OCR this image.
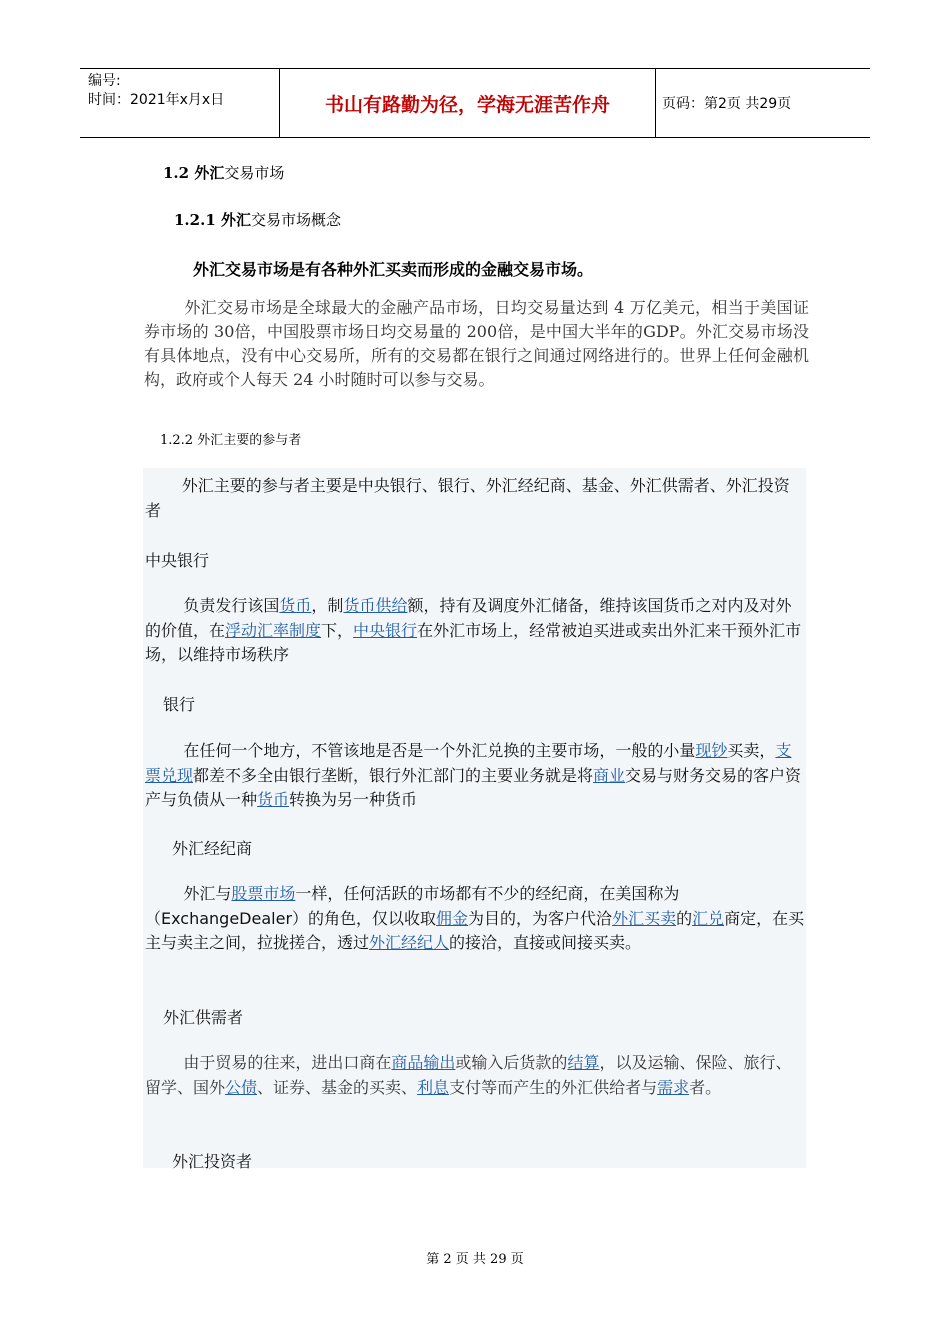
编号:
时间：2021年x月x日	书山有路勤为径，学海无涯苦作舟	页码：第2页 共29页
1.2 外汇交易市场
1.2.1 外汇交易市场概念
外汇交易市场是有各种外汇买卖而形成的金融交易市场。
外汇交易市场是全球最大的金融产品市场，日均交易量达到 4 万亿美元，相当于美国证券市场的 30倍，中国股票市场日均交易量的 200倍，是中国大半年的GDP。外汇交易市场没有具体地点，没有中心交易所，所有的交易都在银行之间通过网络进行的。世界上任何金融机构，政府或个人每天 24 小时随时可以参与交易。
1.2.2 外汇主要的参与者
外汇主要的参与者主要是中央银行、银行、外汇经纪商、基金、外汇供需者、外汇投资者
中央银行
负责发行该国货币，制货币供给额，持有及调度外汇储备，维持该国货币之对内及对外的价值，在浮动汇率制度下，中央银行在外汇市场上，经常被迫买进或卖出外汇来干预外汇市场，以维持市场秩序
银行
在任何一个地方，不管该地是否是一个外汇兑换的主要市场，一般的小量现钞买卖，支票兑现都差不多全由银行垄断，银行外汇部门的主要业务就是将商业交易与财务交易的客户资产与负债从一种货币转换为另一种货币
外汇经纪商
外汇与股票市场一样，任何活跃的市场都有不少的经纪商，在美国称为（ExchangeDealer）的角色，仅以收取佣金为目的，为客户代洽外汇买卖的汇兑商定，在买主与卖主之间，拉拢搓合，透过外汇经纪人的接洽，直接或间接买卖。
外汇供需者
由于贸易的往来，进出口商在商品输出或输入后货款的结算，以及运输、保险、旅行、留学、国外公债、证券、基金的买卖、利息支付等而产生的外汇供给者与需求者。
外汇投资者
第 2 页 共 29 页
